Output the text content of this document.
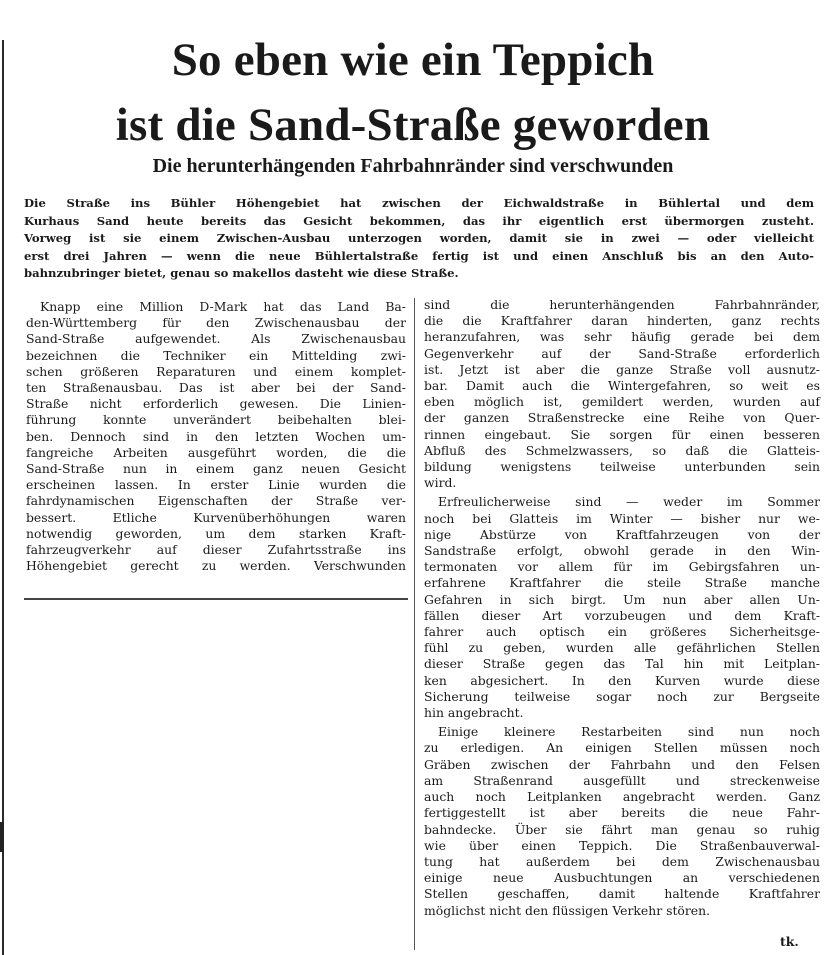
So eben wie ein Teppich
ist die Sand-Straße geworden
Die herunterhängenden Fahrbahnränder sind verschwunden
Die Straße ins Bühler Höhengebiet hat zwischen der Eichwaldstraße in Bühlertal und dem
Kurhaus Sand heute bereits das Gesicht bekommen, das ihr eigentlich erst übermorgen zusteht.
Vorweg ist sie einem Zwischen-Ausbau unterzogen worden, damit sie in zwei — oder vielleicht
erst drei Jahren — wenn die neue Bühlertalstraße fertig ist und einen Anschluß bis an den Auto-
bahnzubringer bietet, genau so makellos dasteht wie diese Straße.
Knapp eine Million D-Mark hat das Land Ba-
den-Württemberg für den Zwischenausbau der
Sand-Straße aufgewendet. Als Zwischenausbau
bezeichnen die Techniker ein Mittelding zwi-
schen größeren Reparaturen und einem komplet-
ten Straßenausbau. Das ist aber bei der Sand-
Straße nicht erforderlich gewesen. Die Linien-
führung konnte unverändert beibehalten blei-
ben. Dennoch sind in den letzten Wochen um-
fangreiche Arbeiten ausgeführt worden, die die
Sand-Straße nun in einem ganz neuen Gesicht
erscheinen lassen. In erster Linie wurden die
fahrdynamischen Eigenschaften der Straße ver-
bessert. Etliche Kurvenüberhöhungen waren
notwendig geworden, um dem starken Kraft-
fahrzeugverkehr auf dieser Zufahrtsstraße ins
Höhengebiet gerecht zu werden. Verschwunden
sind die herunterhängenden Fahrbahnränder,
die die Kraftfahrer daran hinderten, ganz rechts
heranzufahren, was sehr häufig gerade bei dem
Gegenverkehr auf der Sand-Straße erforderlich
ist. Jetzt ist aber die ganze Straße voll ausnutz-
bar. Damit auch die Wintergefahren, so weit es
eben möglich ist, gemildert werden, wurden auf
der ganzen Straßenstrecke eine Reihe von Quer-
rinnen eingebaut. Sie sorgen für einen besseren
Abfluß des Schmelzwassers, so daß die Glatteis-
bildung wenigstens teilweise unterbunden sein
wird.
Erfreulicherweise sind — weder im Sommer
noch bei Glatteis im Winter — bisher nur we-
nige Abstürze von Kraftfahrzeugen von der
Sandstraße erfolgt, obwohl gerade in den Win-
termonaten vor allem für im Gebirgsfahren un-
erfahrene Kraftfahrer die steile Straße manche
Gefahren in sich birgt. Um nun aber allen Un-
fällen dieser Art vorzubeugen und dem Kraft-
fahrer auch optisch ein größeres Sicherheitsge-
fühl zu geben, wurden alle gefährlichen Stellen
dieser Straße gegen das Tal hin mit Leitplan-
ken abgesichert. In den Kurven wurde diese
Sicherung teilweise sogar noch zur Bergseite
hin angebracht.
Einige kleinere Restarbeiten sind nun noch
zu erledigen. An einigen Stellen müssen noch
Gräben zwischen der Fahrbahn und den Felsen
am Straßenrand ausgefüllt und streckenweise
auch noch Leitplanken angebracht werden. Ganz
fertiggestellt ist aber bereits die neue Fahr-
bahndecke. Über sie fährt man genau so ruhig
wie über einen Teppich. Die Straßenbauverwal-
tung hat außerdem bei dem Zwischenausbau
einige neue Ausbuchtungen an verschiedenen
Stellen geschaffen, damit haltende Kraftfahrer
möglichst nicht den flüssigen Verkehr stören.
tk.
